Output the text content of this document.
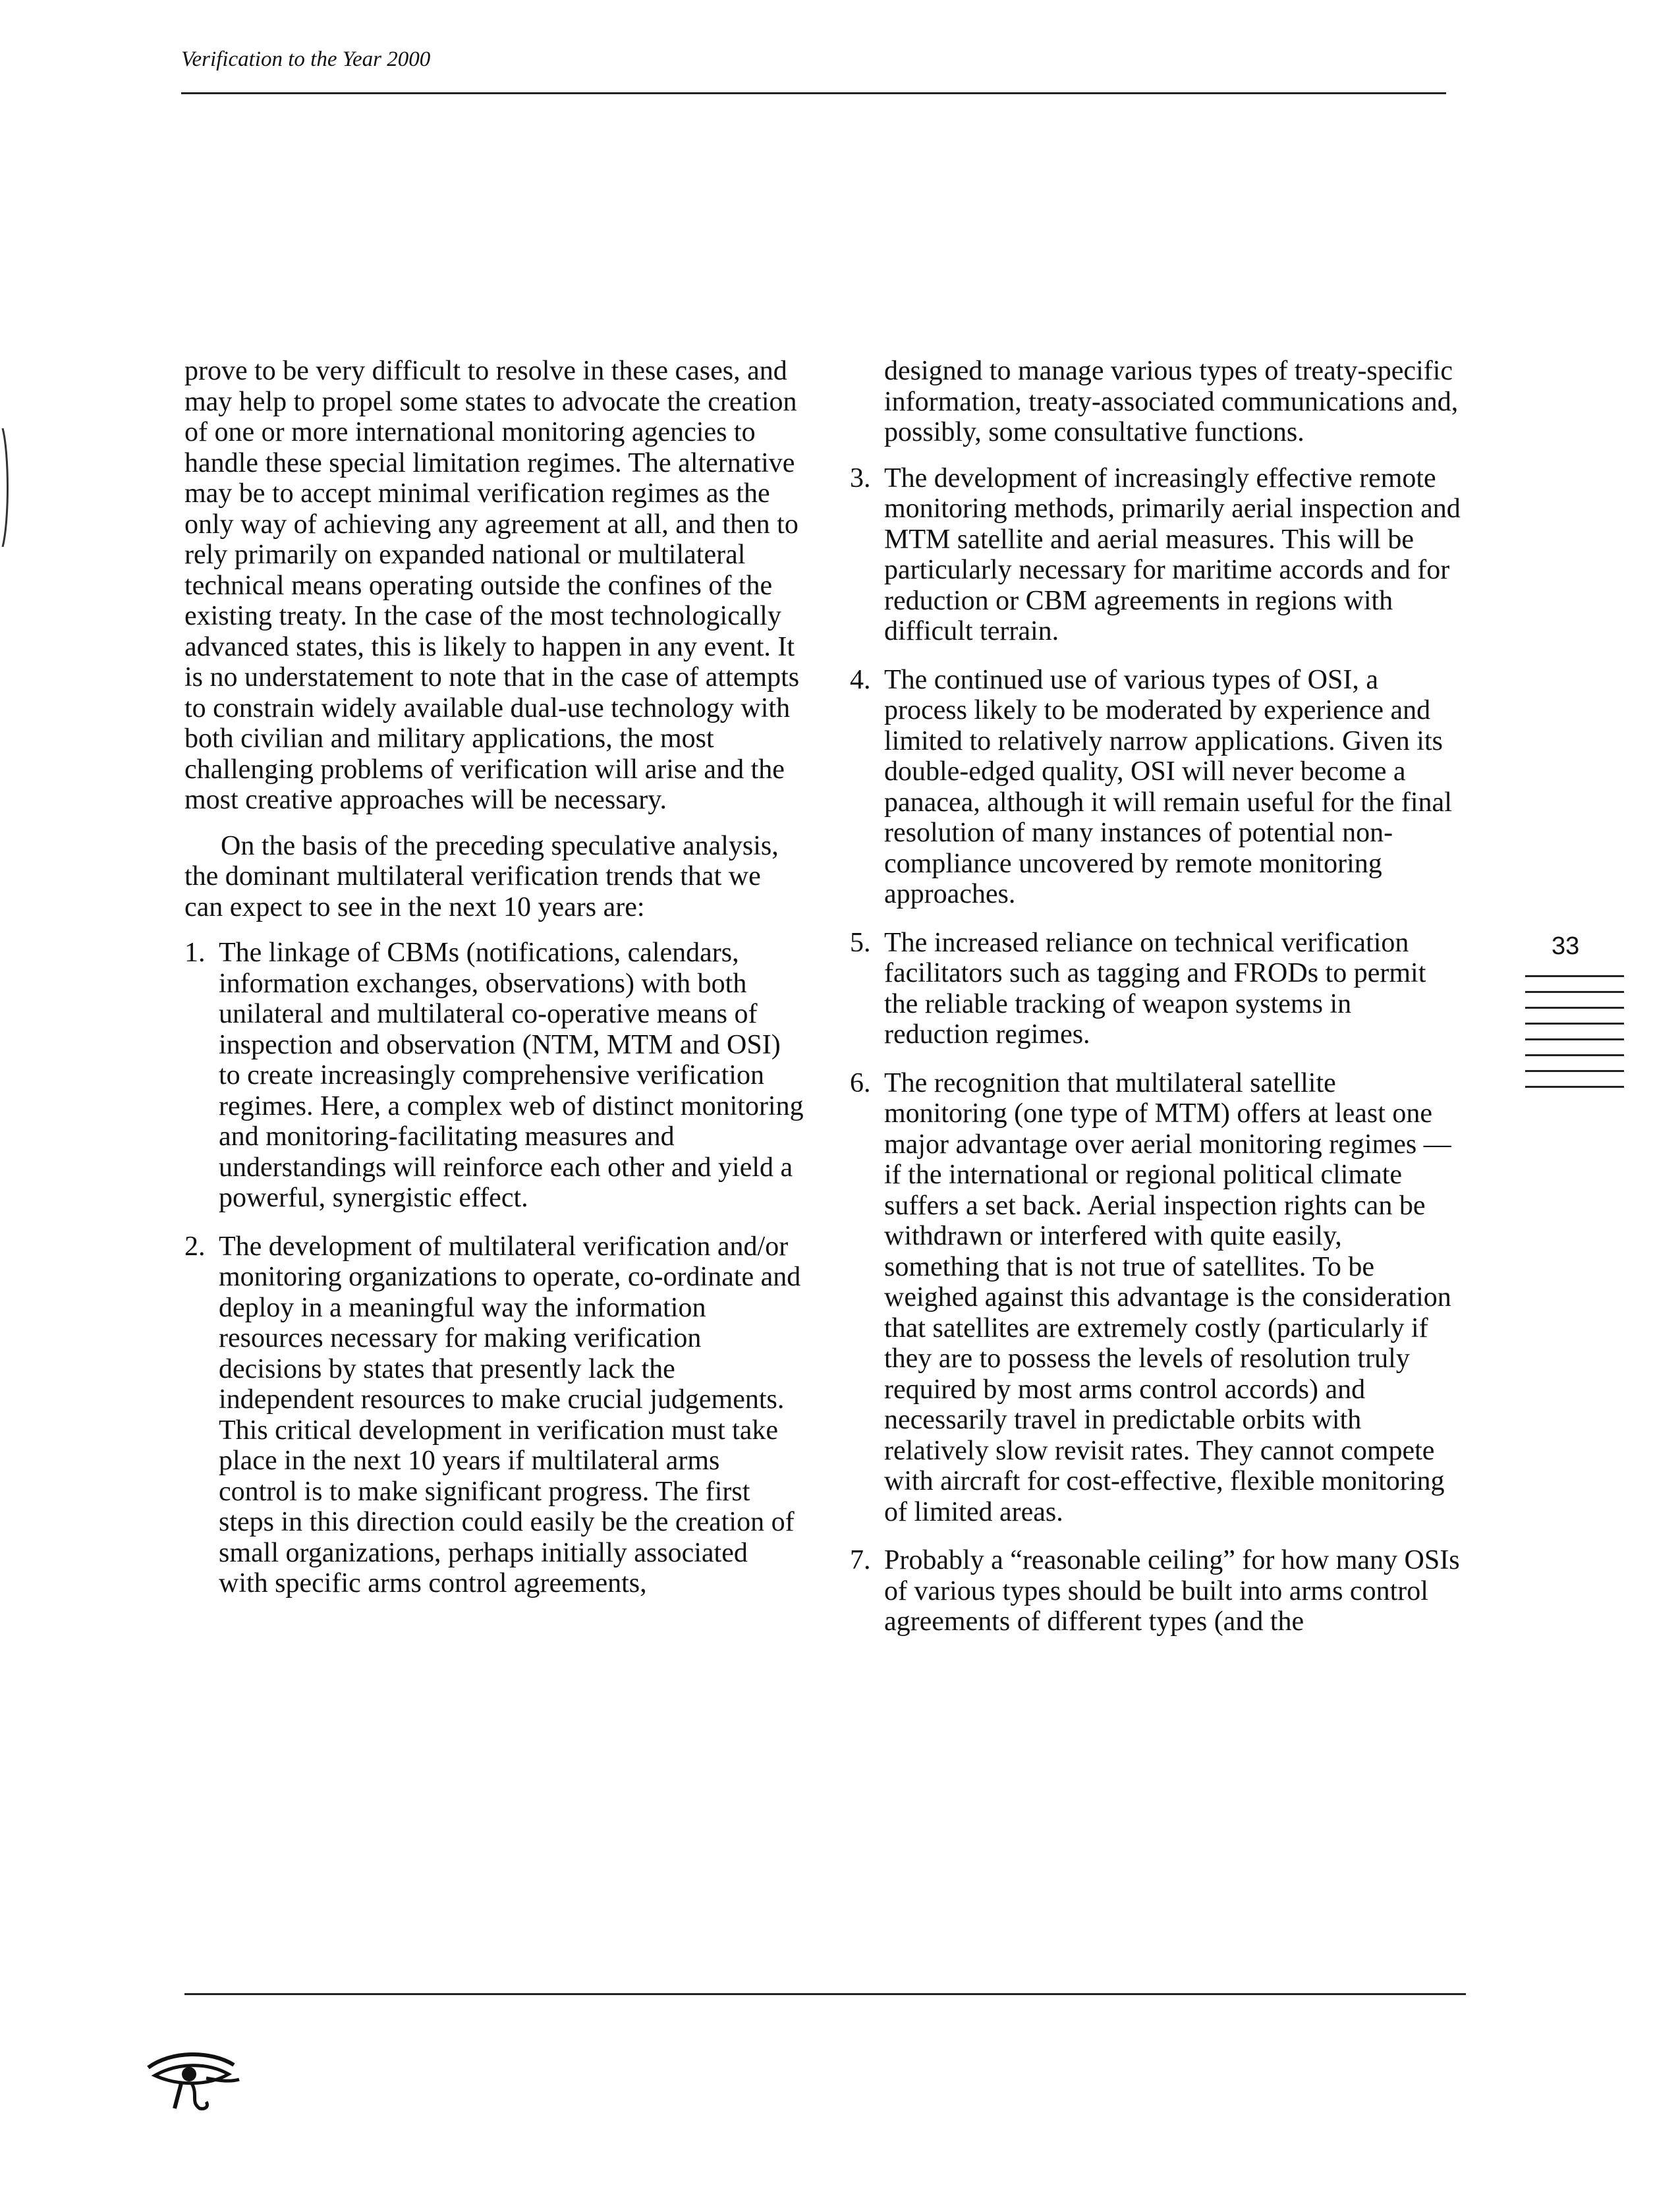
Verification to the Year 2000

prove to be very difficult to resolve in these cases, and may help to propel some states to advocate the creation of one or more international monitoring agencies to handle these special limitation regimes. The alternative may be to accept minimal verification regimes as the only way of achieving any agreement at all, and then to rely primarily on expanded national or multilateral technical means operating outside the confines of the existing treaty. In the case of the most technologically advanced states, this is likely to happen in any event. It is no understatement to note that in the case of attempts to constrain widely available dual-use technology with both civilian and military applications, the most challenging problems of verification will arise and the most creative approaches will be necessary.

On the basis of the preceding speculative analysis, the dominant multilateral verification trends that we can expect to see in the next 10 years are:

1. The linkage of CBMs (notifications, calendars, information exchanges, observations) with both unilateral and multilateral co-operative means of inspection and observation (NTM, MTM and OSI) to create increasingly comprehensive verification regimes. Here, a complex web of distinct monitoring and monitoring-facilitating measures and understandings will reinforce each other and yield a powerful, synergistic effect.
2. The development of multilateral verification and/or monitoring organizations to operate, co-ordinate and deploy in a meaningful way the information resources necessary for making verification decisions by states that presently lack the independent resources to make crucial judgements. This critical development in verification must take place in the next 10 years if multilateral arms control is to make significant progress. The first steps in this direction could easily be the creation of small organizations, perhaps initially associated with specific arms control agreements,

designed to manage various types of treaty-specific information, treaty-associated communications and, possibly, some consultative functions.

3. The development of increasingly effective remote monitoring methods, primarily aerial inspection and MTM satellite and aerial measures. This will be particularly necessary for maritime accords and for reduction or CBM agreements in regions with difficult terrain.
4. The continued use of various types of OSI, a process likely to be moderated by experience and limited to relatively narrow applications. Given its double-edged quality, OSI will never become a panacea, although it will remain useful for the final resolution of many instances of potential non-compliance uncovered by remote monitoring approaches.
5. The increased reliance on technical verification facilitators such as tagging and FRODs to permit the reliable tracking of weapon systems in reduction regimes.
6. The recognition that multilateral satellite monitoring (one type of MTM) offers at least one major advantage over aerial monitoring regimes — if the international or regional political climate suffers a set back. Aerial inspection rights can be withdrawn or interfered with quite easily, something that is not true of satellites. To be weighed against this advantage is the consideration that satellites are extremely costly (particularly if they are to possess the levels of resolution truly required by most arms control accords) and necessarily travel in predictable orbits with relatively slow revisit rates. They cannot compete with aircraft for cost-effective, flexible monitoring of limited areas.
7. Probably a “reasonable ceiling” for how many OSIs of various types should be built into arms control agreements of different types (and the
33
